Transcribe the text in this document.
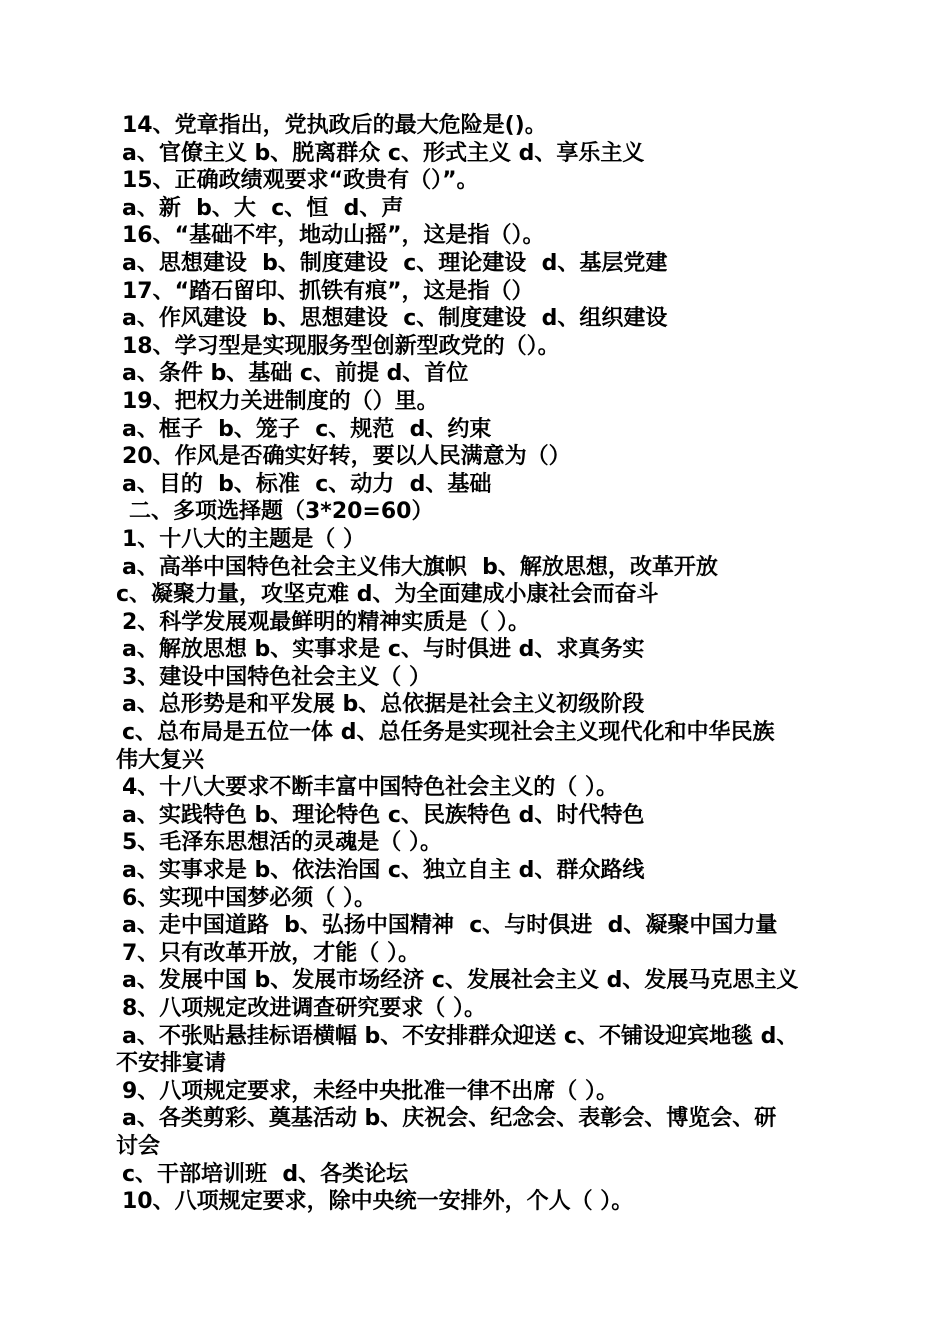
14、党章指出，党执政后的最大危险是()。
a、官僚主义 b、脱离群众 c、形式主义 d、享乐主义
15、正确政绩观要求“政贵有（）”。
a、新  b、大  c、恒  d、声
16、“基础不牢，地动山摇”，这是指（）。
a、思想建设  b、制度建设  c、理论建设  d、基层党建
17、“踏石留印、抓铁有痕”，这是指（）
a、作风建设  b、思想建设  c、制度建设  d、组织建设
18、学习型是实现服务型创新型政党的（）。
a、条件 b、基础 c、前提 d、首位
19、把权力关进制度的（）里。
a、框子  b、笼子  c、规范  d、约束
20、作风是否确实好转，要以人民满意为（）
a、目的  b、标准  c、动力  d、基础
二、多项选择题（3*20=60）
1、十八大的主题是（ ）
a、高举中国特色社会主义伟大旗帜  b、解放思想，改革开放
c、凝聚力量，攻坚克难 d、为全面建成小康社会而奋斗
2、科学发展观最鲜明的精神实质是（ ）。
a、解放思想 b、实事求是 c、与时俱进 d、求真务实
3、建设中国特色社会主义（ ）
a、总形势是和平发展 b、总依据是社会主义初级阶段
c、总布局是五位一体 d、总任务是实现社会主义现代化和中华民族
伟大复兴
4、十八大要求不断丰富中国特色社会主义的（ ）。
a、实践特色 b、理论特色 c、民族特色 d、时代特色
5、毛泽东思想活的灵魂是（ ）。
a、实事求是 b、依法治国 c、独立自主 d、群众路线
6、实现中国梦必须（ ）。
a、走中国道路  b、弘扬中国精神  c、与时俱进  d、凝聚中国力量
7、只有改革开放，才能（ ）。
a、发展中国 b、发展市场经济 c、发展社会主义 d、发展马克思主义
8、八项规定改进调查研究要求（ ）。
a、不张贴悬挂标语横幅 b、不安排群众迎送 c、不铺设迎宾地毯 d、
不安排宴请
9、八项规定要求，未经中央批准一律不出席（ ）。
a、各类剪彩、奠基活动 b、庆祝会、纪念会、表彰会、博览会、研
讨会
c、干部培训班  d、各类论坛
10、八项规定要求，除中央统一安排外，个人（ ）。
